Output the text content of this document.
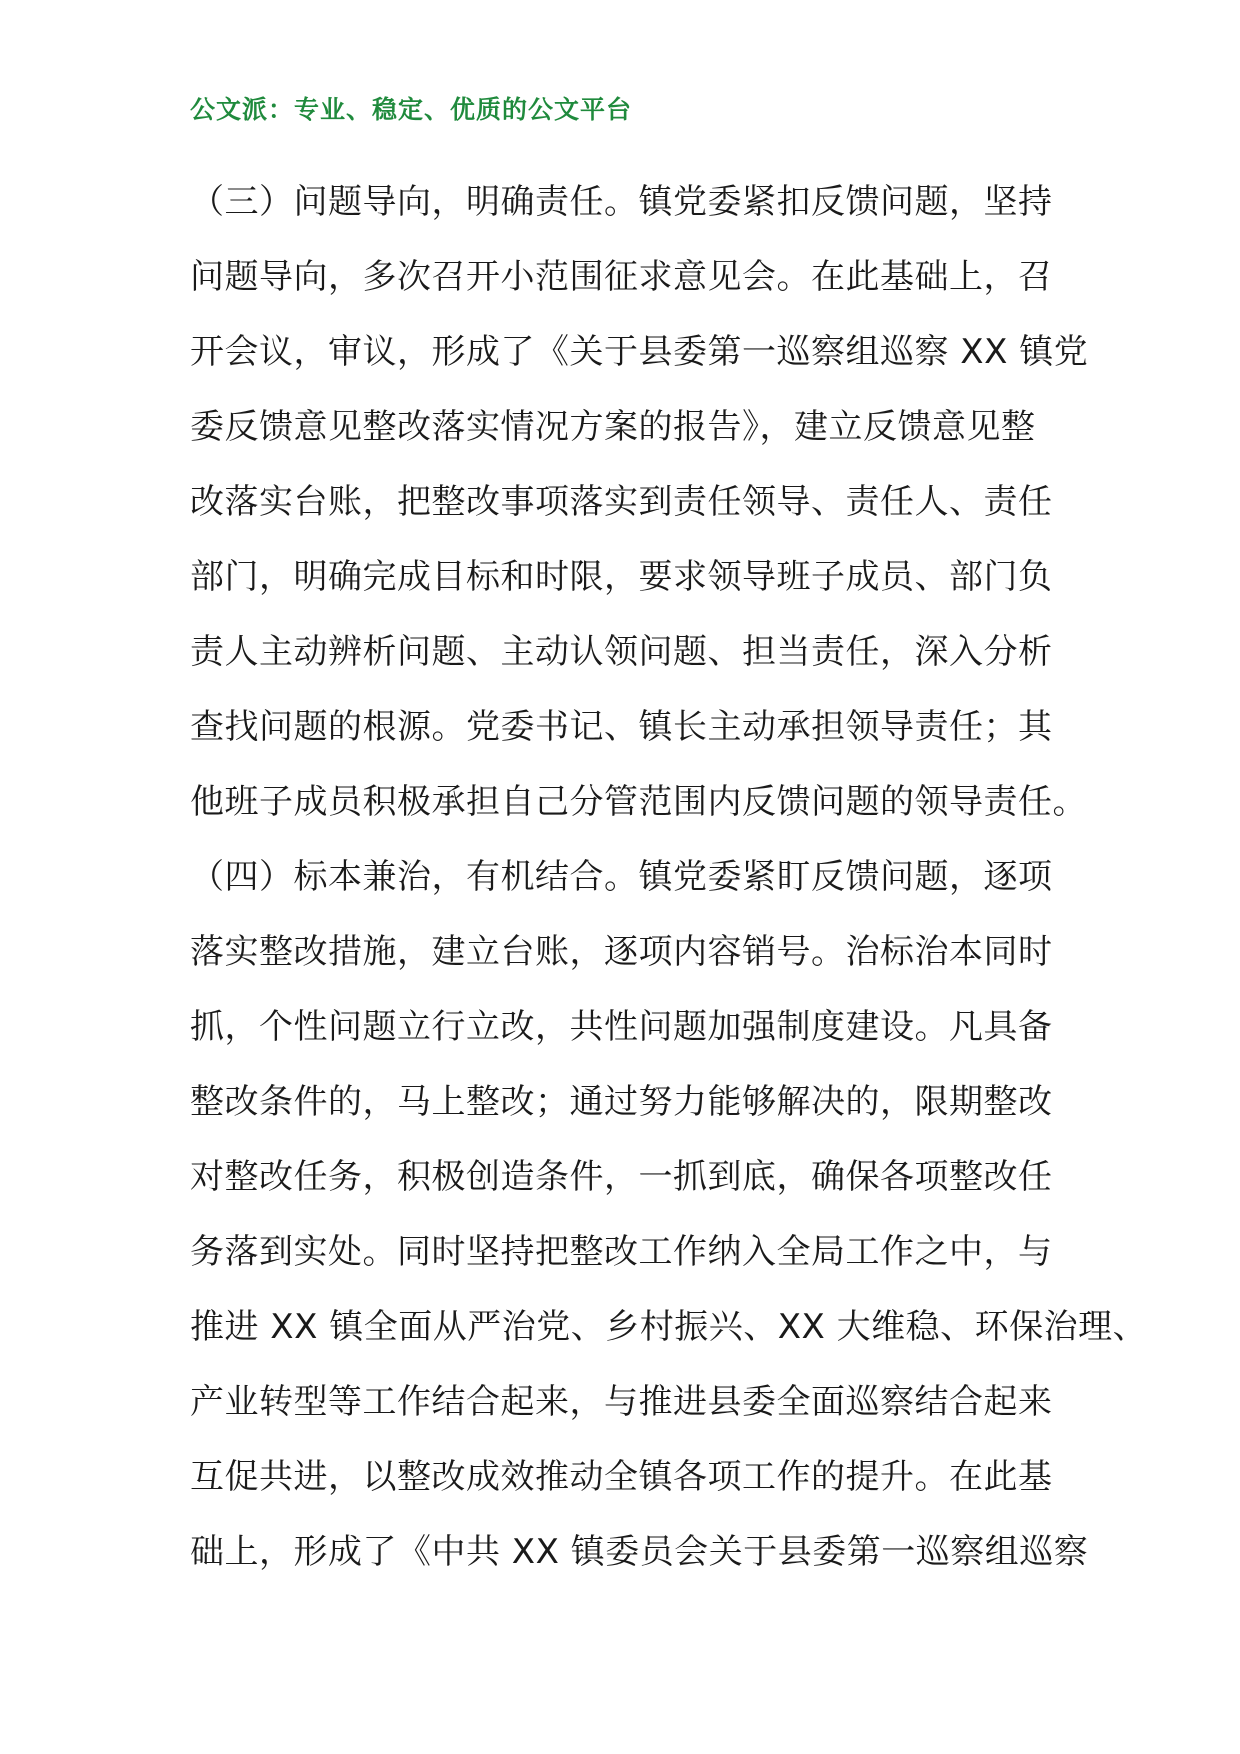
公文派：专业、稳定、优质的公文平台
（三）问题导向，明确责任。镇党委紧扣反馈问题，坚持
问题导向，多次召开小范围征求意见会。在此基础上，召
开会议，审议，形成了《关于县委第一巡察组巡察 XX 镇党
委反馈意见整改落实情况方案的报告》，建立反馈意见整
改落实台账，把整改事项落实到责任领导、责任人、责任
部门，明确完成目标和时限，要求领导班子成员、部门负
责人主动辨析问题、主动认领问题、担当责任，深入分析
查找问题的根源。党委书记、镇长主动承担领导责任；其
他班子成员积极承担自己分管范围内反馈问题的领导责任。
（四）标本兼治，有机结合。镇党委紧盯反馈问题，逐项
落实整改措施，建立台账，逐项内容销号。治标治本同时
抓，个性问题立行立改，共性问题加强制度建设。凡具备
整改条件的，马上整改；通过努力能够解决的，限期整改
对整改任务，积极创造条件，一抓到底，确保各项整改任
务落到实处。同时坚持把整改工作纳入全局工作之中，与
推进 XX 镇全面从严治党、乡村振兴、XX 大维稳、环保治理、
产业转型等工作结合起来，与推进县委全面巡察结合起来
互促共进，以整改成效推动全镇各项工作的提升。在此基
础上，形成了《中共 XX 镇委员会关于县委第一巡察组巡察
